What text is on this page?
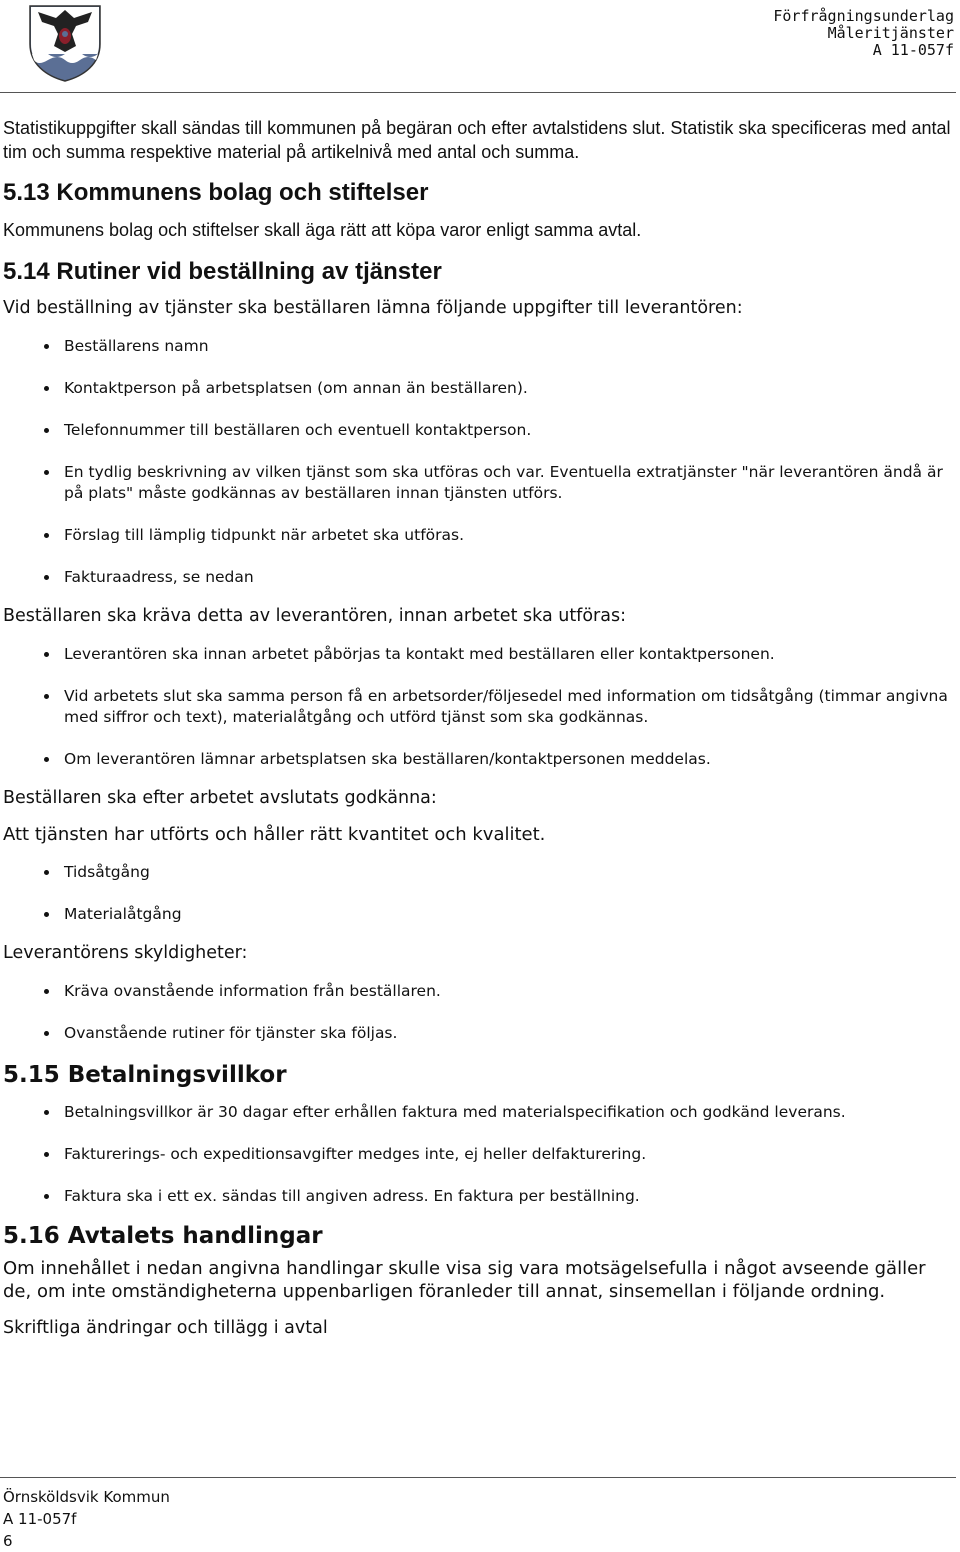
Förfrågningsunderlag
Måleritjänster
A 11-057f

Statistikuppgifter skall sändas till kommunen på begäran och efter avtalstidens slut. Statistik ska specificeras med antal tim och summa respektive material på artikelnivå med antal och summa.

5.13 Kommunens bolag och stiftelser

Kommunens bolag och stiftelser skall äga rätt att köpa varor enligt samma avtal.

5.14 Rutiner vid beställning av tjänster

Vid beställning av tjänster ska beställaren lämna följande uppgifter till leverantören:

Beställarens namn
Kontaktperson på arbetsplatsen (om annan än beställaren).
Telefonnummer till beställaren och eventuell kontaktperson.
En tydlig beskrivning av vilken tjänst som ska utföras och var. Eventuella extratjänster "när leverantören ändå är på plats" måste godkännas av beställaren innan tjänsten utförs.
Förslag till lämplig tidpunkt när arbetet ska utföras.
Fakturaadress, se nedan

Beställaren ska kräva detta av leverantören, innan arbetet ska utföras:

Leverantören ska innan arbetet påbörjas ta kontakt med beställaren eller kontaktpersonen.
Vid arbetets slut ska samma person få en arbetsorder/följesedel med information om tidsåtgång (timmar angivna med siffror och text), materialåtgång och utförd tjänst som ska godkännas.
Om leverantören lämnar arbetsplatsen ska beställaren/kontaktpersonen meddelas.

Beställaren ska efter arbetet avslutats godkänna:

Att tjänsten har utförts och håller rätt kvantitet och kvalitet.

Tidsåtgång
Materialåtgång

Leverantörens skyldigheter:

Kräva ovanstående information från beställaren.
Ovanstående rutiner för tjänster ska följas.
5.15 Betalningsvillkor
Betalningsvillkor är 30 dagar efter erhållen faktura med materialspecifikation och godkänd leverans.
Fakturerings- och expeditionsavgifter medges inte, ej heller delfakturering.
Faktura ska i ett ex. sändas till angiven adress. En faktura per beställning.
5.16 Avtalets handlingar

Om innehållet i nedan angivna handlingar skulle visa sig vara motsägelsefulla i något avseende gäller de, om inte omständigheterna uppenbarligen föranleder till annat, sinsemellan i följande ordning.

Skriftliga ändringar och tillägg i avtal

Örnsköldsvik Kommun
A 11-057f
6
